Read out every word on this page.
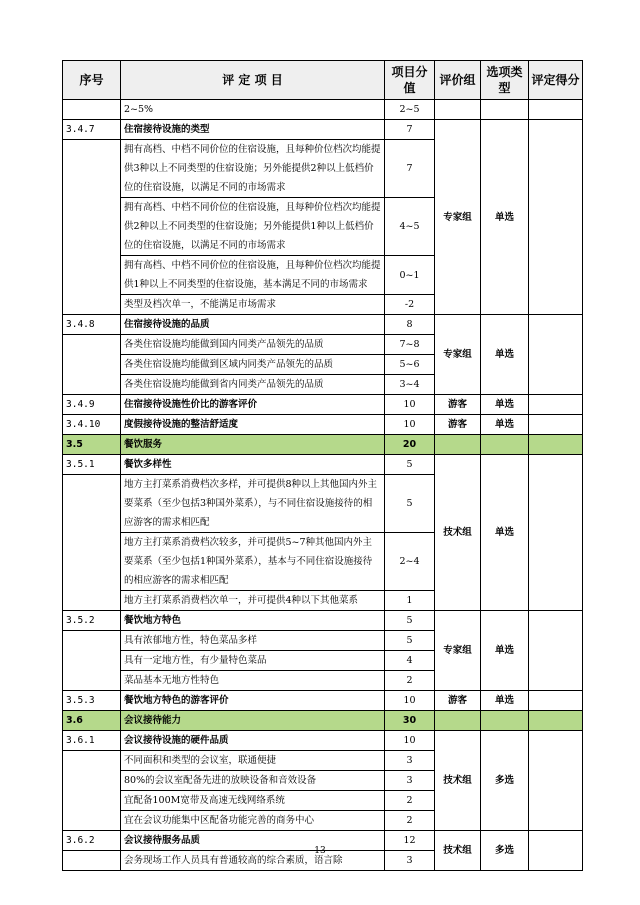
序号	评 定 项 目	项目分值	评价组	选项类型	评定得分
	2~5%	2~5			
3.4.7	住宿接待设施的类型	7	专家组	单选	
	拥有高档、中档不同价位的住宿设施，且每种价位档次均能提供3种以上不同类型的住宿设施；另外能提供2种以上低档价位的住宿设施，以满足不同的市场需求	7			
	拥有高档、中档不同价位的住宿设施，且每种价位档次均能提供2种以上不同类型的住宿设施；另外能提供1种以上低档价位的住宿设施，以满足不同的市场需求	4~5			
	拥有高档、中档不同价位的住宿设施，且每种价位档次均能提供1种以上不同类型的住宿设施，基本满足不同的市场需求	0~1			
	类型及档次单一，不能满足市场需求	-2			
3.4.8	住宿接待设施的品质	8	专家组	单选	
	各类住宿设施均能做到国内同类产品领先的品质	7~8			
	各类住宿设施均能做到区域内同类产品领先的品质	5~6			
	各类住宿设施均能做到省内同类产品领先的品质	3~4			
3.4.9	住宿接待设施性价比的游客评价	10	游客	单选	
3.4.10	度假接待设施的整洁舒适度	10	游客	单选	
3.5	餐饮服务	20			
3.5.1	餐饮多样性	5	技术组	单选	
	地方主打菜系消费档次多样，并可提供8种以上其他国内外主要菜系（至少包括3种国外菜系），与不同住宿设施接待的相应游客的需求相匹配	5			
	地方主打菜系消费档次较多，并可提供5~7种其他国内外主要菜系（至少包括1种国外菜系），基本与不同住宿设施接待的相应游客的需求相匹配	2~4			
	地方主打菜系消费档次单一，并可提供4种以下其他菜系	1			
3.5.2	餐饮地方特色	5	专家组	单选	
	具有浓郁地方性，特色菜品多样	5			
	具有一定地方性，有少量特色菜品	4			
	菜品基本无地方性特色	2			
3.5.3	餐饮地方特色的游客评价	10	游客	单选	
3.6	会议接待能力	30			
3.6.1	会议接待设施的硬件品质	10	技术组	多选	
	不同面积和类型的会议室，联通便捷	3			
	80%的会议室配备先进的放映设备和音效设备	3			
	宜配备100M宽带及高速无线网络系统	2			
	宜在会议功能集中区配备功能完善的商务中心	2			
3.6.2	会议接待服务品质	12	技术组	多选	
	会务现场工作人员具有普通较高的综合素质，语言除	3			
13
